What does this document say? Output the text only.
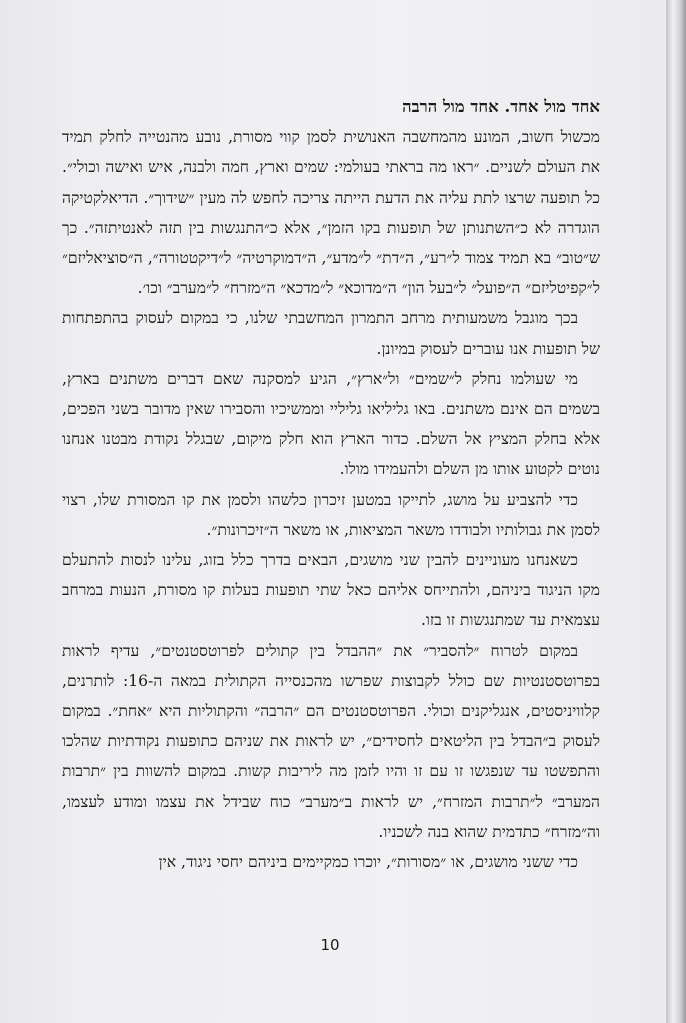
אחד מול אחד. אחד מול הרבה

מכשול חשוב, המונע מהמחשבה האנושית לסמן קווי מסורת, נובע מהנטייה לחלק תמיד את העולם לשניים. ״ראו מה בראתי בעולמי: שמים וארץ, חמה ולבנה, איש ואישה וכולי״. כל תופעה שרצו לתת עליה את הדעת הייתה צריכה לחפש לה מעין ״שידוך״. הדיאלקטיקה הוגדרה לא כ״השתנותן של תופעות בקו הזמן״, אלא כ״התנגשות בין תזה לאנטיתזה״. כך ש״טוב״ בא תמיד צמוד ל״רע״, ה״דת״ ל״מדע״, ה״דמוקרטיה״ ל״דיקטטורה״, ה״סוציאליזם״ ל״קפיטליזם״ ה״פועל״ ל״בעל הון״ ה״מדוכא״ ל״מדכא״ ה״מזרח״ ל״מערב״ וכו׳.

בכך מוגבל משמעותית מרחב התמרון המחשבתי שלנו, כי במקום לעסוק בהתפתחות של תופעות אנו עוברים לעסוק במיונן.

מי שעולמו נחלק ל״שמים״ ול״ארץ״, הגיע למסקנה שאם דברים משתנים בארץ, בשמים הם אינם משתנים. באו גליליאו גליליי וממשיכיו והסבירו שאין מדובר בשני הפכים, אלא בחלק המציץ אל השלם. כדור הארץ הוא חלק מיקום, שבגלל נקודת מבטנו אנחנו נוטים לקטוע אותו מן השלם ולהעמידו מולו.

כדי להצביע על מושג, לתייקו במטען זיכרון כלשהו ולסמן את קו המסורת שלו, רצוי לסמן את גבולותיו ולבודדו משאר המציאות, או משאר ה״זיכרונות״.

כשאנחנו מעוניינים להבין שני מושגים, הבאים בדרך כלל בזוג, עלינו לנסות להתעלם מקו הניגוד ביניהם, ולהתייחס אליהם כאל שתי תופעות בעלות קו מסורת, הנעות במרחב עצמאית עד שמתנגשות זו בזו.

במקום לטרוח ״להסביר״ את ״ההבדל בין קתולים לפרוטסטנטים״, עדיף לראות בפרוטסטנטיות שם כולל לקבוצות שפרשו מהכנסייה הקתולית במאה ה-16: לותרנים, קלוויניסטים, אנגליקנים וכולי. הפרוטסטנטים הם ״הרבה״ והקתוליות היא ״אחת״. במקום לעסוק ב״הבדל בין הליטאים לחסידים״, יש לראות את שניהם כתופעות נקודתיות שהלכו והתפשטו עד שנפגשו זו עם זו והיו לזמן מה ליריבות קשות. במקום להשוות בין ״תרבות המערב״ ל״תרבות המזרח״, יש לראות ב״מערב״ כוח שבידל את עצמו ומודע לעצמו, וה״מזרח״ כתדמית שהוא בנה לשכניו.

כדי ששני מושגים, או ״מסורות״, יוכרו כמקיימים ביניהם יחסי ניגוד, אין

10
